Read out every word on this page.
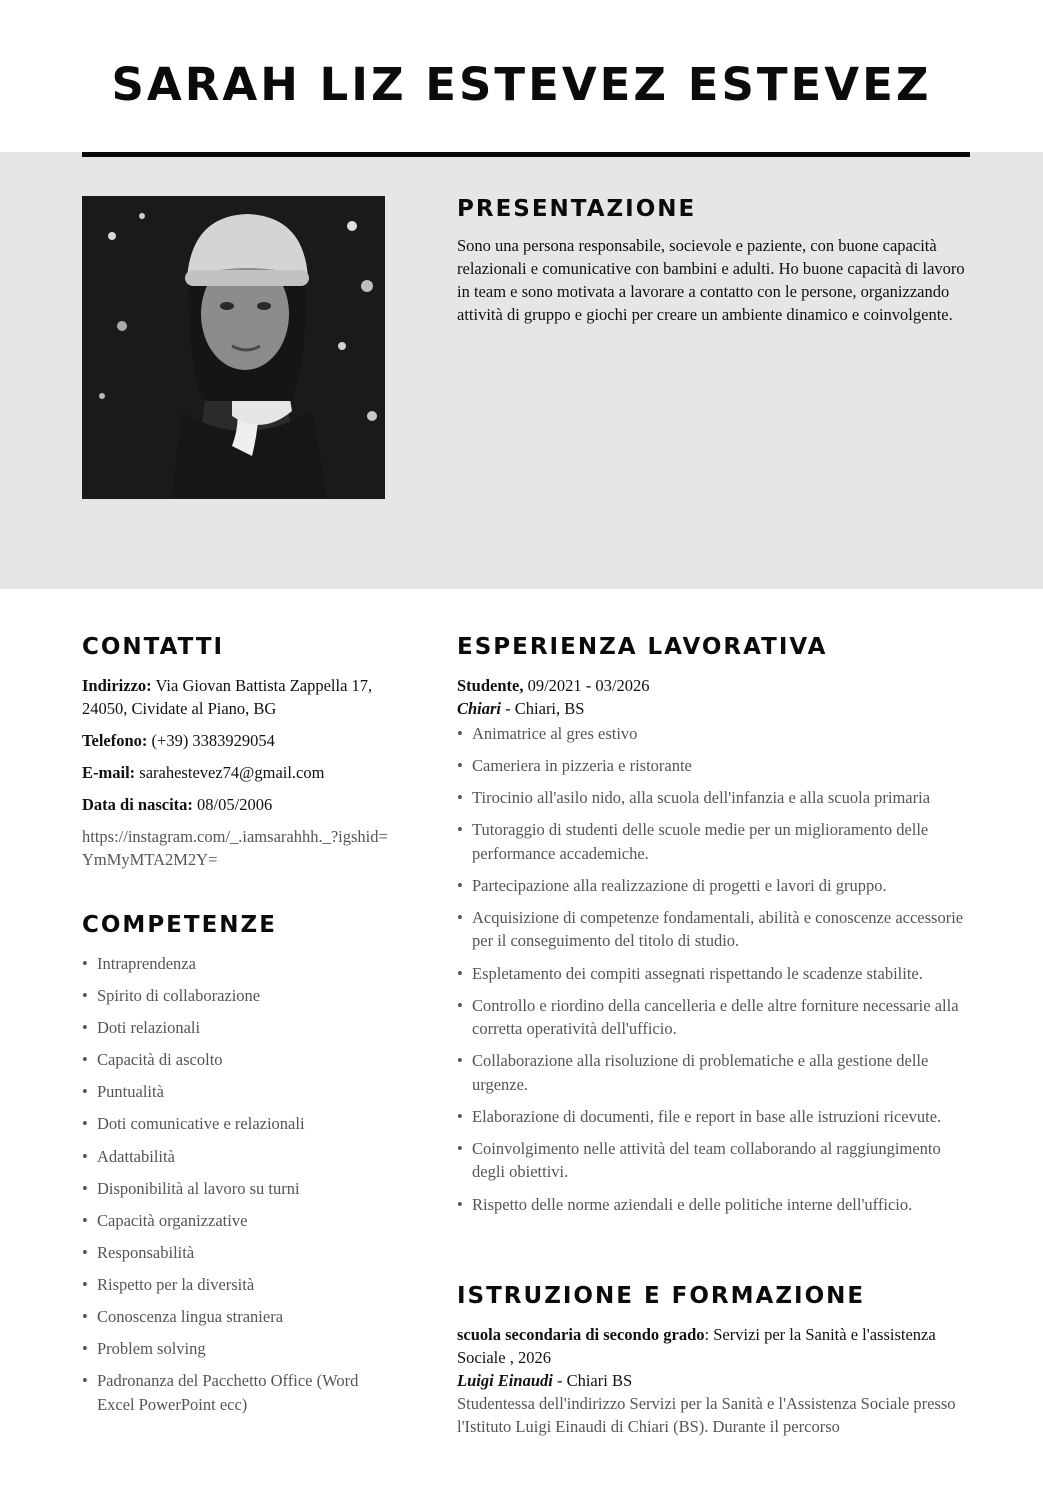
SARAH LIZ ESTEVEZ ESTEVEZ
PRESENTAZIONE
Sono una persona responsabile, socievole e paziente, con buone capacità relazionali e comunicative con bambini e adulti. Ho buone capacità di lavoro in team e sono motivata a lavorare a contatto con le persone, organizzando attività di gruppo e giochi per creare un ambiente dinamico e coinvolgente.
CONTATTI
Indirizzo: Via Giovan Battista Zappella 17, 24050, Cividate al Piano, BG
Telefono: (+39) 3383929054
E-mail: sarahestevez74@gmail.com
Data di nascita: 08/05/2006
https://instagram.com/_.iamsarahhh._?igshid=YmMyMTA2M2Y=
COMPETENZE
• Intraprendenza
• Spirito di collaborazione
• Doti relazionali
• Capacità di ascolto
• Puntualità
• Doti comunicative e relazionali
• Adattabilità
• Disponibilità al lavoro su turni
• Capacità organizzative
• Responsabilità
• Rispetto per la diversità
• Conoscenza lingua straniera
• Problem solving
• Padronanza del Pacchetto Office (Word Excel PowerPoint ecc)
ESPERIENZA LAVORATIVA
Studente, 09/2021 - 03/2026
Chiari - Chiari, BS
• Animatrice al gres estivo
• Cameriera in pizzeria e ristorante
• Tirocinio all'asilo nido, alla scuola dell'infanzia e alla scuola primaria
• Tutoraggio di studenti delle scuole medie per un miglioramento delle performance accademiche.
• Partecipazione alla realizzazione di progetti e lavori di gruppo.
• Acquisizione di competenze fondamentali, abilità e conoscenze accessorie per il conseguimento del titolo di studio.
• Espletamento dei compiti assegnati rispettando le scadenze stabilite.
• Controllo e riordino della cancelleria e delle altre forniture necessarie alla corretta operatività dell'ufficio.
• Collaborazione alla risoluzione di problematiche e alla gestione delle urgenze.
• Elaborazione di documenti, file e report in base alle istruzioni ricevute.
• Coinvolgimento nelle attività del team collaborando al raggiungimento degli obiettivi.
• Rispetto delle norme aziendali e delle politiche interne dell'ufficio.
ISTRUZIONE E FORMAZIONE
scuola secondaria di secondo grado: Servizi per la Sanità e l'assistenza Sociale , 2026
Luigi Einaudi - Chiari BS
Studentessa dell'indirizzo Servizi per la Sanità e l'Assistenza Sociale presso l'Istituto Luigi Einaudi di Chiari (BS). Durante il percorso
